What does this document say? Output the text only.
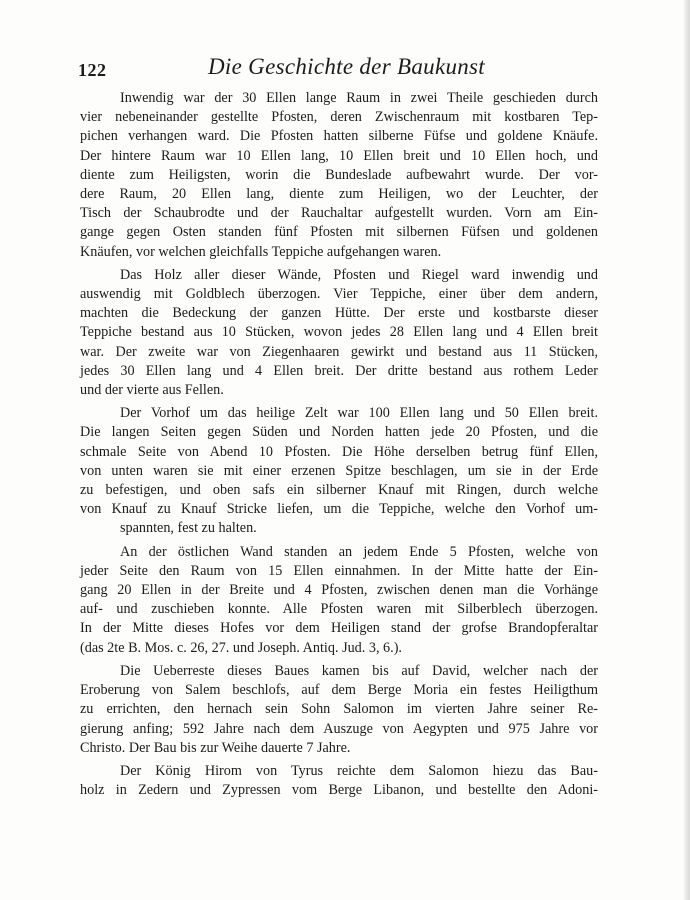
122	Die Geschichte der Baukunst
Inwendig war der 30 Ellen lange Raum in zwei Theile geschieden durch
vier nebeneinander gestellte Pfosten, deren Zwischenraum mit kostbaren Tep-
pichen verhangen ward. Die Pfosten hatten silberne Füfse und goldene Knäufe.
Der hintere Raum war 10 Ellen lang, 10 Ellen breit und 10 Ellen hoch, und
diente zum Heiligsten, worin die Bundeslade aufbewahrt wurde. Der vor-
dere Raum, 20 Ellen lang, diente zum Heiligen, wo der Leuchter, der
Tisch der Schaubrodte und der Rauchaltar aufgestellt wurden. Vorn am Ein-
gange gegen Osten standen fünf Pfosten mit silbernen Füfsen und goldenen
Knäufen, vor welchen gleichfalls Teppiche aufgehangen waren.
Das Holz aller dieser Wände, Pfosten und Riegel ward inwendig und
auswendig mit Goldblech überzogen. Vier Teppiche, einer über dem andern,
machten die Bedeckung der ganzen Hütte. Der erste und kostbarste dieser
Teppiche bestand aus 10 Stücken, wovon jedes 28 Ellen lang und 4 Ellen breit
war. Der zweite war von Ziegenhaaren gewirkt und bestand aus 11 Stücken,
jedes 30 Ellen lang und 4 Ellen breit. Der dritte bestand aus rothem Leder
und der vierte aus Fellen.
Der Vorhof um das heilige Zelt war 100 Ellen lang und 50 Ellen breit.
Die langen Seiten gegen Süden und Norden hatten jede 20 Pfosten, und die
schmale Seite von Abend 10 Pfosten. Die Höhe derselben betrug fünf Ellen,
von unten waren sie mit einer erzenen Spitze beschlagen, um sie in der Erde
zu befestigen, und oben safs ein silberner Knauf mit Ringen, durch welche
von Knauf zu Knauf Stricke liefen, um die Teppiche, welche den Vorhof um-
spannten, fest zu halten.
An der östlichen Wand standen an jedem Ende 5 Pfosten, welche von
jeder Seite den Raum von 15 Ellen einnahmen. In der Mitte hatte der Ein-
gang 20 Ellen in der Breite und 4 Pfosten, zwischen denen man die Vorhänge
auf- und zuschieben konnte. Alle Pfosten waren mit Silberblech überzogen.
In der Mitte dieses Hofes vor dem Heiligen stand der grofse Brandopferaltar
(das 2te B. Mos. c. 26, 27. und Joseph. Antiq. Jud. 3, 6.).
Die Ueberreste dieses Baues kamen bis auf David, welcher nach der
Eroberung von Salem beschlofs, auf dem Berge Moria ein festes Heiligthum
zu errichten, den hernach sein Sohn Salomon im vierten Jahre seiner Re-
gierung anfing; 592 Jahre nach dem Auszuge von Aegypten und 975 Jahre vor
Christo. Der Bau bis zur Weihe dauerte 7 Jahre.
Der König Hirom von Tyrus reichte dem Salomon hiezu das Bau-
holz in Zedern und Zypressen vom Berge Libanon, und bestellte den Adoni-
